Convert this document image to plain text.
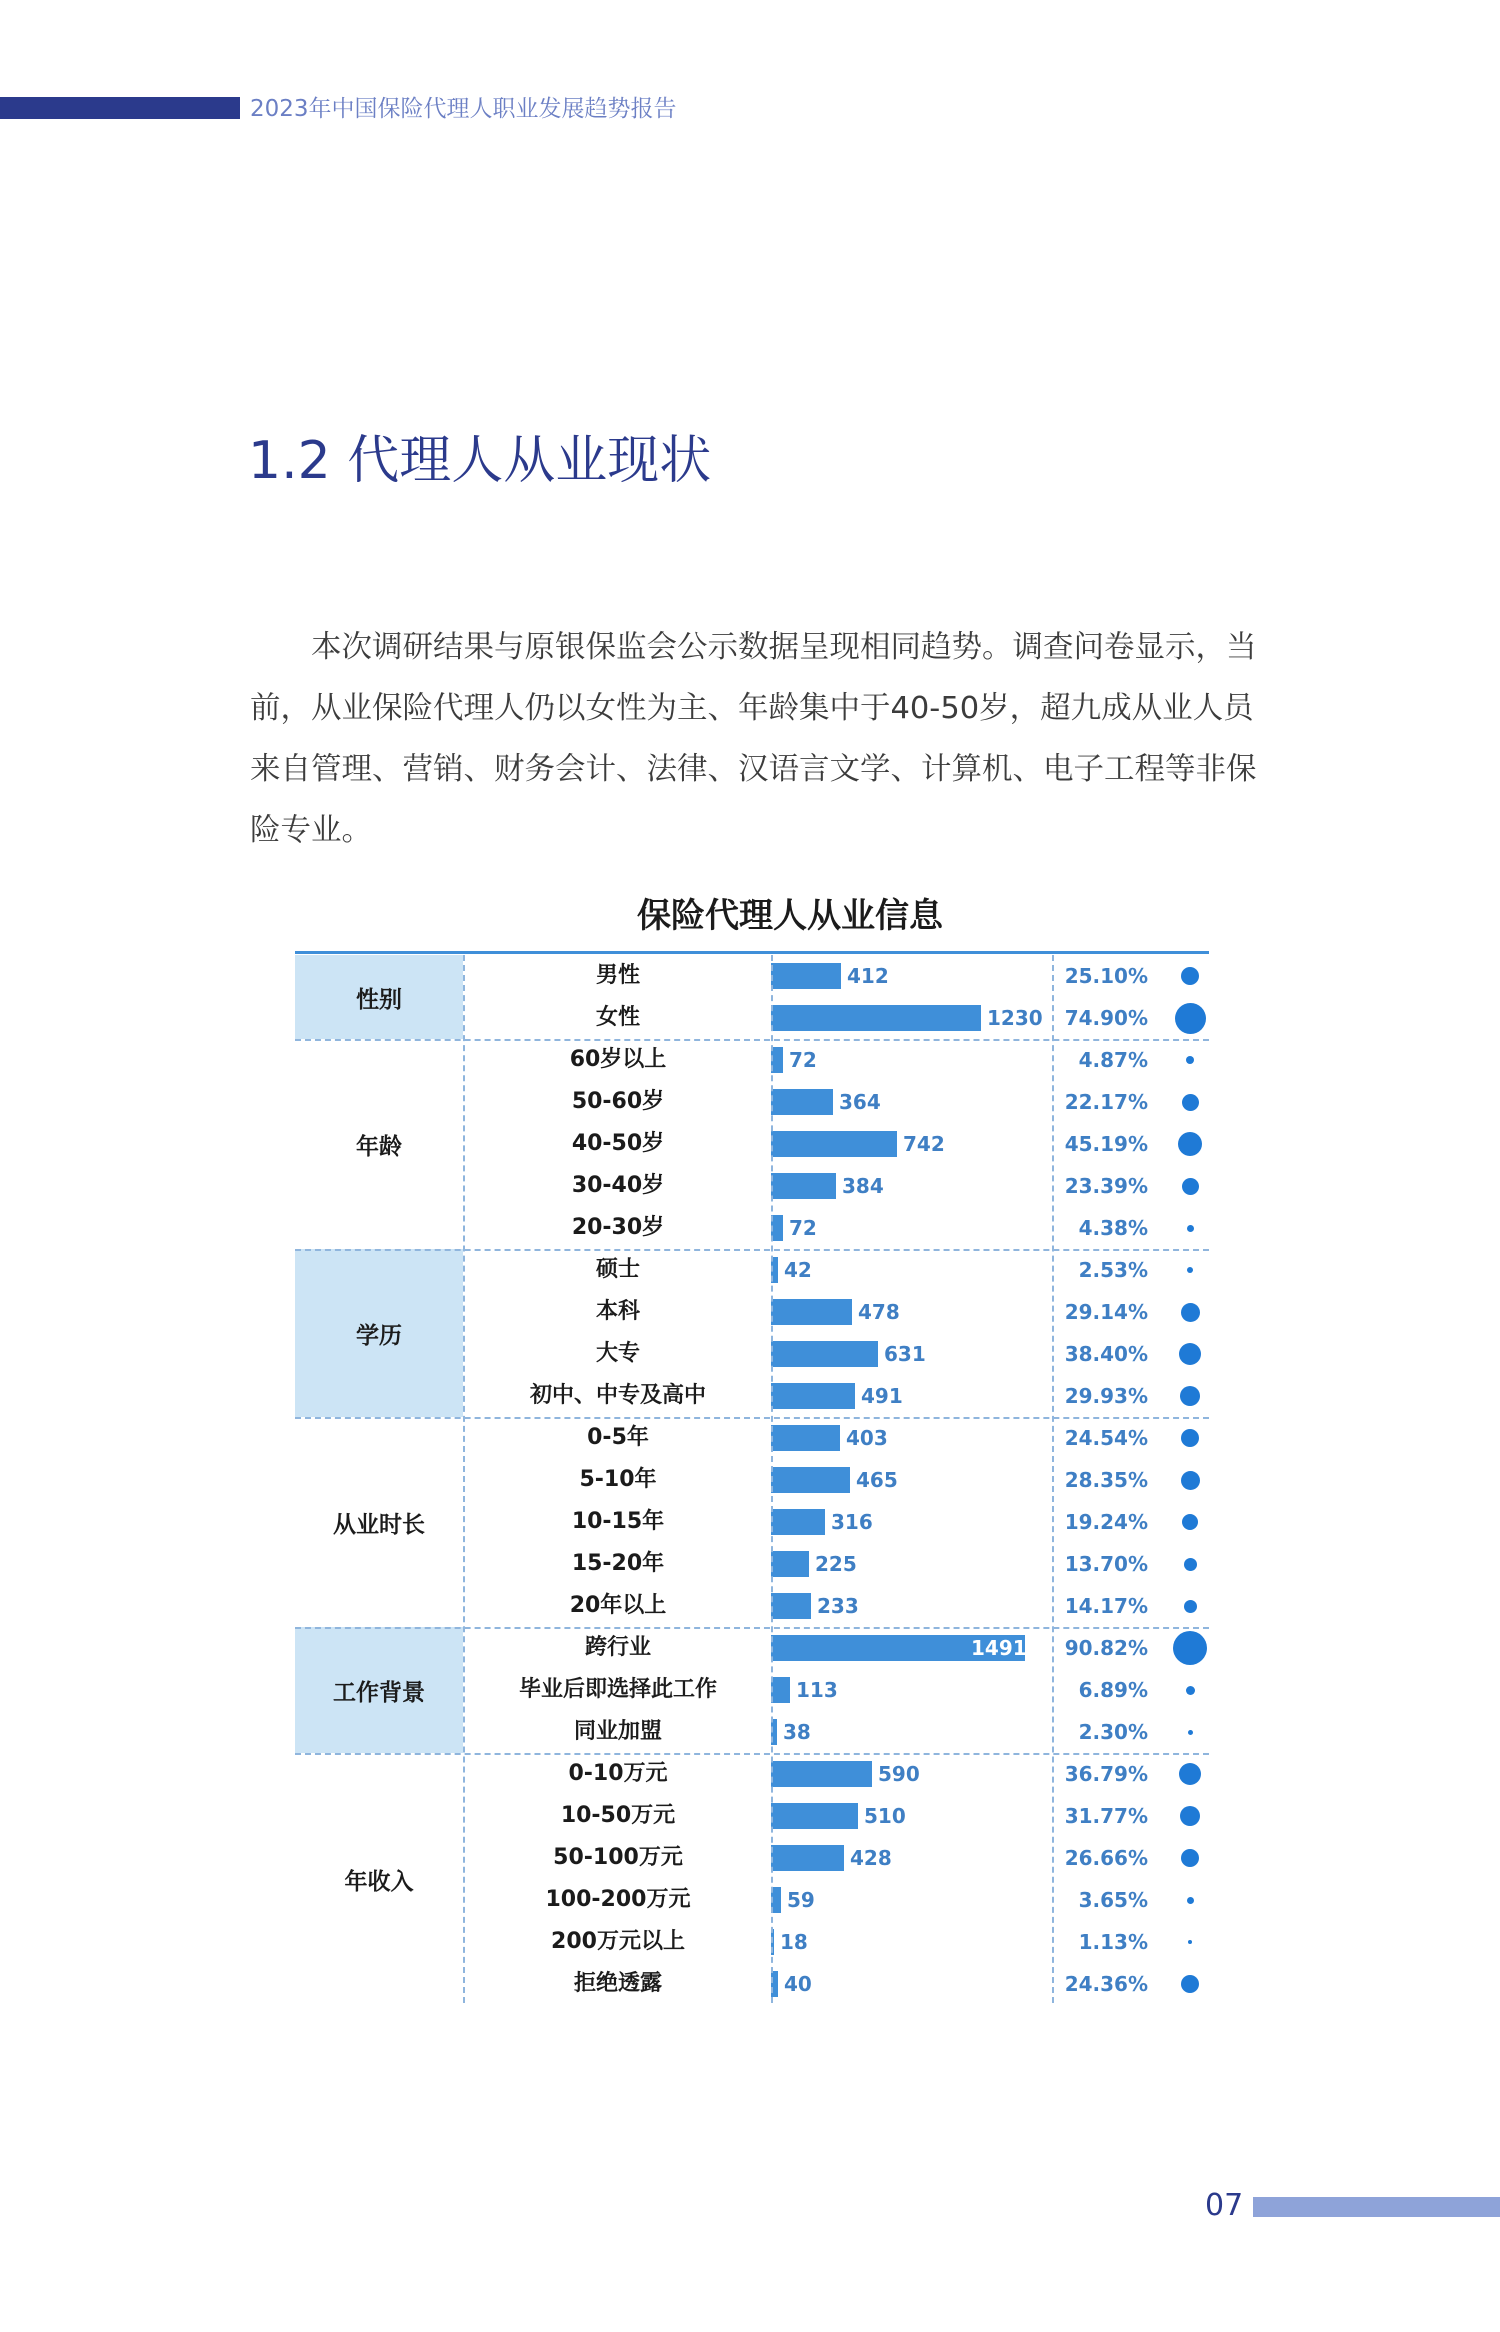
2023年中国保险代理人职业发展趋势报告
1.2 代理人从业现状
本次调研结果与原银保监会公示数据呈现相同趋势。调查问卷显示，当前，从业保险代理人仍以女性为主、年龄集中于40-50岁，超九成从业人员来自管理、营销、财务会计、法律、汉语言文学、计算机、电子工程等非保险专业。
保险代理人从业信息
性别
男性	412	25.10%
女性	1230 74.90%
年龄
60岁以上	72	4.87%
50-60岁	364	22.17%
40-50岁	742	45.19%
30-40岁	384	23.39%
20-30岁	72	4.38%
学历
硕士	42	2.53%
本科	478	29.14%
大专	631	38.40%
初中、中专及高中	491	29.93%
从业时长
0-5年	403	24.54%
5-10年	465	28.35%
10-15年	316	19.24%
15-20年	225	13.70%
20年以上	233	14.17%
工作背景
跨行业	1491 90.82%
毕业后即选择此工作	113	6.89%
同业加盟	38	2.30%
年收入
0-10万元	590	36.79%
10-50万元	510	31.77%
50-100万元	428	26.66%
100-200万元	59	3.65%
200万元以上	18	1.13%
拒绝透露	40	24.36%
07
